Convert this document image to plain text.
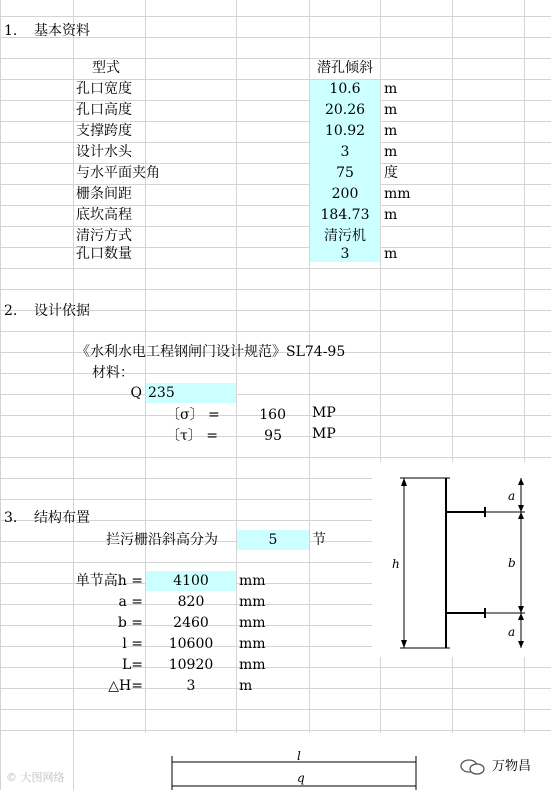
1. 基本资料
型式	潜孔倾斜
孔口宽度	10.6	m
孔口高度	20.26	m
支撑跨度	10.92	m
设计水头	3	m
与水平面夹角	75	度
栅条间距	200	mm
底坎高程	184.73	m
清污方式	清污机
孔口数量	3	m
2. 设计依据
《水利水电工程钢闸门设计规范》SL74-95
材料：
Q 235
〔σ〕 =	160 MP
〔τ〕 =	95 MP
3. 结构布置
拦污栅沿斜高分为	5	节
单节高h =	4100	mm
a =	820	mm
b =	2460	mm
l =	10600	mm
L=	10920	mm
△H=	3	m
h
a
b
a
l
q
© 大图网络
万物昌
